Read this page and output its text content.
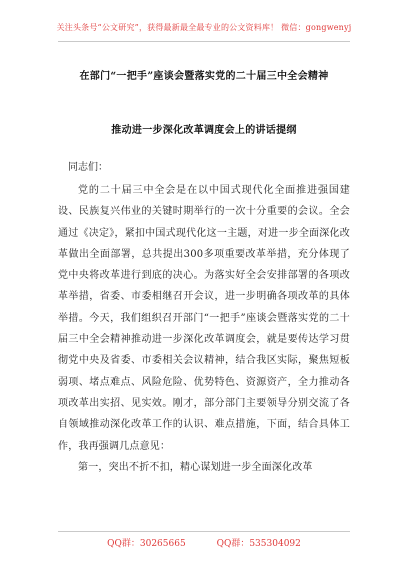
关注头条号“公文研究”，获得最新最全最专业的公文资料库！ 微信：gongwenyj
在部门“一把手”座谈会暨落实党的二十届三中全会精神
推动进一步深化改革调度会上的讲话提纲
同志们：

党的二十届三中全会是在以中国式现代化全面推进强国建设、民族复兴伟业的关键时期举行的一次十分重要的会议。全会通过《决定》，紧扣中国式现代化这一主题，对进一步全面深化改革做出全面部署，总共提出300多项重要改革举措，充分体现了党中央将改革进行到底的决心。为落实好全会安排部署的各项改革举措，省委、市委相继召开会议，进一步明确各项改革的具体举措。今天，我们组织召开部门“一把手”座谈会暨落实党的二十届三中全会精神推动进一步深化改革调度会，就是要传达学习贯彻党中央及省委、市委相关会议精神，结合我区实际，聚焦短板弱项、堵点难点、风险危险、优势特色、资源资产，全力推动各项改革出实招、见实效。刚才，部分部门主要领导分别交流了各自领域推动深化改革工作的认识、难点措施，下面，结合具体工作，我再强调几点意见：

第一，突出不折不扣，精心谋划进一步全面深化改革

QQ群：30265665	QQ群：535304092
